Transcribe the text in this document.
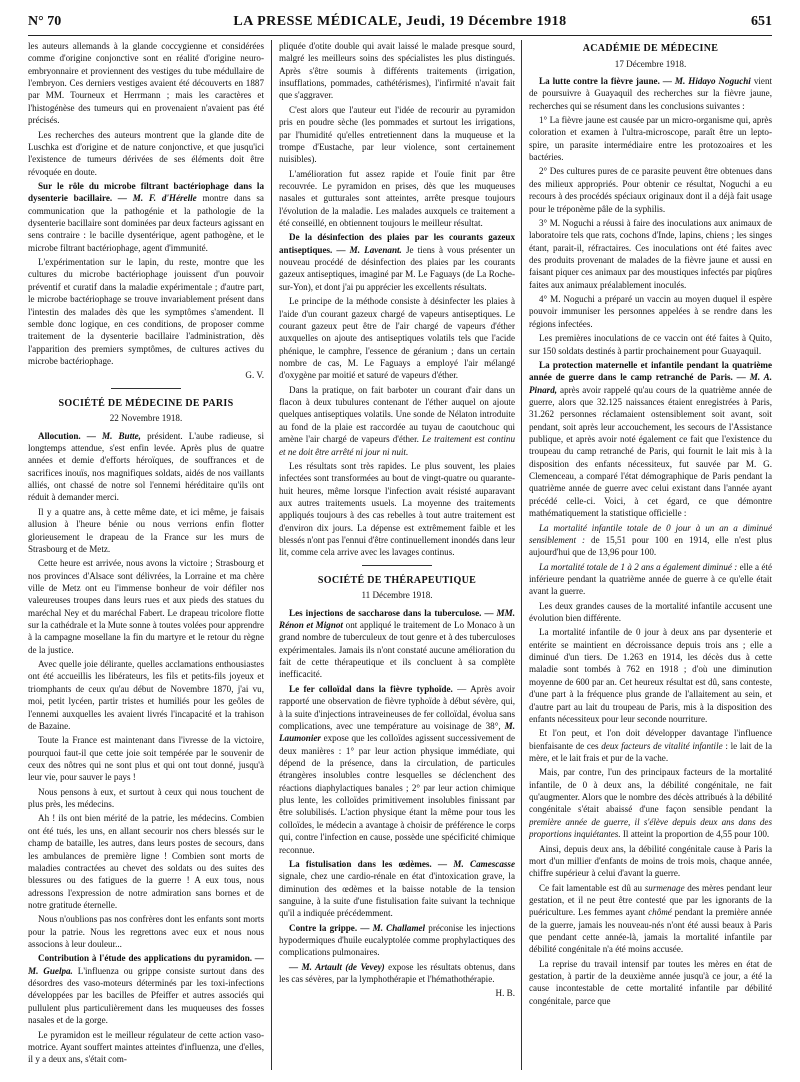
N° 70	LA PRESSE MÉDICALE, Jeudi, 19 Décembre 1918	651

les auteurs allemands à la glande coccygienne et considérées comme d'origine conjonctive sont en réalité d'origine neuro-embryonnaire et proviennent des vestiges du tube médullaire de l'embryon. Ces derniers vestiges avaient été découverts en 1887 par MM. Tourneux et Herrmann ; mais les caractères et l'histogénèse des tumeurs qui en provenaient n'avaient pas été précisés.

Les recherches des auteurs montrent que la glande dite de Luschka est d'origine et de nature conjonctive, et que jusqu'ici l'existence de tumeurs dérivées de ses éléments doit être révoquée en doute.

Sur le rôle du microbe filtrant bactériophage dans la dysenterie bacillaire. — M. F. d'Hérelle montre dans sa communication que la pathogénie et la pathologie de la dysenterie bacillaire sont dominées par deux facteurs agissant en sens contraire : le bacille dysentérique, agent pathogène, et le microbe filtrant bactériophage, agent d'immunité.

L'expérimentation sur le lapin, du reste, montre que les cultures du microbe bactériophage jouissent d'un pouvoir préventif et curatif dans la maladie expérimentale ; d'autre part, le microbe bactériophage se trouve invariablement présent dans l'intestin des malades dès que les symptômes s'amendent. Il semble donc logique, en ces conditions, de proposer comme traitement de la dysenterie bacillaire l'administration, dès l'apparition des premiers symptômes, de cultures actives du microbe bactériophage.

G. V.
SOCIÉTÉ DE MÉDECINE DE PARIS
22 Novembre 1918.

Allocution. — M. Butte, président. L'aube radieuse, si longtemps attendue, s'est enfin levée. Après plus de quatre années et demie d'efforts héroïques, de souffrances et de sacrifices inouïs, nos magnifiques soldats, aidés de nos vaillants alliés, ont chassé de notre sol l'ennemi héréditaire qu'ils ont réduit à demander merci.

Il y a quatre ans, à cette même date, et ici même, je faisais allusion à l'heure bénie ou nous verrions enfin flotter glorieusement le drapeau de la France sur les murs de Strasbourg et de Metz.

Cette heure est arrivée, nous avons la victoire ; Strasbourg et nos provinces d'Alsace sont délivrées, la Lorraine et ma chère ville de Metz ont eu l'immense bonheur de voir défiler nos valeureuses troupes dans leurs rues et aux pieds des statues du maréchal Ney et du maréchal Fabert. Le drapeau tricolore flotte sur la cathédrale et la Mute sonne à toutes volées pour apprendre à la campagne mosellane la fin du martyre et le retour du règne de la justice.

Avec quelle joie délirante, quelles acclamations enthousiastes ont été accueillis les libérateurs, les fils et petits-fils joyeux et triomphants de ceux qu'au début de Novembre 1870, j'ai vu, moi, petit lycéen, partir tristes et humiliés pour les geôles de l'ennemi auxquelles les avaient livrés l'incapacité et la trahison de Bazaine.

Toute la France est maintenant dans l'ivresse de la victoire, pourquoi faut-il que cette joie soit tempérée par le souvenir de ceux des nôtres qui ne sont plus et qui ont tout donné, jusqu'à leur vie, pour sauver le pays !

Nous pensons à eux, et surtout à ceux qui nous touchent de plus près, les médecins.

Ah ! ils ont bien mérité de la patrie, les médecins. Combien ont été tués, les uns, en allant secourir nos chers blessés sur le champ de bataille, les autres, dans leurs postes de secours, dans les ambulances de première ligne ! Combien sont morts de maladies contractées au chevet des soldats ou des suites des blessures ou des fatigues de la guerre ! A eux tous, nous adressons l'expression de notre admiration sans bornes et de notre gratitude éternelle.

Nous n'oublions pas nos confrères dont les enfants sont morts pour la patrie. Nous les regrettons avec eux et nous nous associons à leur douleur...

Contribution à l'étude des applications du pyramidon. — M. Guelpa. L'influenza ou grippe consiste surtout dans des désordres des vaso-moteurs déterminés par les toxi-infections développées par les bacilles de Pfeiffer et autres associés qui pullulent plus particulièrement dans les muqueuses des fosses nasales et de la gorge.

Le pyramidon est le meilleur régulateur de cette action vaso-motrice. Ayant souffert maintes atteintes d'influenza, une d'elles, il y a deux ans, s'était com-

pliquée d'otite double qui avait laissé le malade presque sourd, malgré les meilleurs soins des spécialistes les plus distingués. Après s'être soumis à différents traitements (irrigation, insufflations, pommades, cathétérismes), l'infirmité n'avait fait que s'aggraver.

C'est alors que l'auteur eut l'idée de recourir au pyramidon pris en poudre sèche (les pommades et surtout les irrigations, par l'humidité qu'elles entretiennent dans la muqueuse et la trompe d'Eustache, par leur violence, sont certainement nuisibles).

L'amélioration fut assez rapide et l'ouïe finit par être recouvrée. Le pyramidon en prises, dès que les muqueuses nasales et gutturales sont atteintes, arrête presque toujours l'évolution de la maladie. Les malades auxquels ce traitement a été conseillé, en obtiennent toujours le meilleur résultat.

De la désinfection des plaies par les courants gazeux antiseptiques. — M. Lavenant. Je tiens à vous présenter un nouveau procédé de désinfection des plaies par les courants gazeux antiseptiques, imaginé par M. Le Faguays (de La Roche-sur-Yon), et dont j'ai pu apprécier les excellents résultats.

Le principe de la méthode consiste à désinfecter les plaies à l'aide d'un courant gazeux chargé de vapeurs antiseptiques. Le courant gazeux peut être de l'air chargé de vapeurs d'éther auxquelles on ajoute des antiseptiques volatils tels que l'acide phénique, le camphre, l'essence de géranium ; dans un certain nombre de cas, M. Le Faguays a employé l'air mélangé d'oxygène par moitié et saturé de vapeurs d'éther.

Dans la pratique, on fait barboter un courant d'air dans un flacon à deux tubulures contenant de l'éther auquel on ajoute quelques antiseptiques volatils. Une sonde de Nélaton introduite au fond de la plaie est raccordée au tuyau de caoutchouc qui amène l'air chargé de vapeurs d'éther. Le traitement est continu et ne doit être arrêté ni jour ni nuit.

Les résultats sont très rapides. Le plus souvent, les plaies infectées sont transformées au bout de vingt-quatre ou quarante-huit heures, même lorsque l'infection avait résisté auparavant aux autres traitements usuels. La moyenne des traitements appliqués toujours à des cas rebelles à tout autre traitement est d'environ dix jours. La dépense est extrêmement faible et les blessés n'ont pas l'ennui d'être continuellement inondés dans leur lit, comme cela arrive avec les lavages continus.

SOCIÉTÉ DE THÉRAPEUTIQUE
11 Décembre 1918.

Les injections de saccharose dans la tuberculose. — MM. Rénon et Mignot ont appliqué le traitement de Lo Monaco à un grand nombre de tuberculeux de tout genre et à des tuberculoses expérimentales. Jamais ils n'ont constaté aucune amélioration du fait de cette thérapeutique et ils concluent à sa complète inefficacité.

Le fer colloïdal dans la fièvre typhoïde. — Après avoir rapporté une observation de fièvre typhoïde à début sévère, qui, à la suite d'injections intraveineuses de fer colloïdal, évolua sans complications, avec une température au voisinage de 38°, M. Laumonier expose que les colloïdes agissent successivement de deux manières : 1° par leur action physique immédiate, qui dépend de la présence, dans la circulation, de particules étrangères insolubles contre lesquelles se déclenchent des réactions diaphylactiques banales ; 2° par leur action chimique plus lente, les colloïdes primitivement insolubles finissant par être solubilisés. L'action physique étant la même pour tous les colloïdes, le médecin a avantage à choisir de préférence le corps qui, contre l'infection en cause, possède une spécificité chimique reconnue.

La fistulisation dans les œdèmes. — M. Camescasse signale, chez une cardio-rénale en état d'intoxication grave, la diminution des œdèmes et la baisse notable de la tension sanguine, à la suite d'une fistulisation faite suivant la technique qu'il a indiquée précédemment.

Contre la grippe. — M. Challamel préconise les injections hypodermiques d'huile eucalyptolée comme prophylactiques des complications pulmonaires.

— M. Artault (de Vevey) expose les résultats obtenus, dans les cas sévères, par la lymphothérapie et l'hémathothérapie.

H. B.
ACADÉMIE DE MÉDECINE
17 Décembre 1918.

La lutte contre la fièvre jaune. — M. Hidayo Noguchi vient de poursuivre à Guayaquil des recherches sur la fièvre jaune, recherches qui se résument dans les conclusions suivantes :

1° La fièvre jaune est causée par un micro-organisme qui, après coloration et examen à l'ultra-microscope, paraît être un lepto-spire, un parasite intermédiaire entre les protozoaires et les bactéries.

2° Des cultures pures de ce parasite peuvent être obtenues dans des milieux appropriés. Pour obtenir ce résultat, Noguchi a eu recours à des procédés spéciaux originaux dont il a déjà fait usage pour le tréponème pâle de la syphilis.

3° M. Noguchi a réussi à faire des inoculations aux animaux de laboratoire tels que rats, cochons d'Inde, lapins, chiens ; les singes étant, parait-il, réfractaires. Ces inoculations ont été faites avec des produits provenant de malades de la fièvre jaune et aussi en faisant piquer ces animaux par des moustiques infectés par piqûres faites aux animaux préalablement inoculés.

4° M. Noguchi a préparé un vaccin au moyen duquel il espère pouvoir immuniser les personnes appelées à se rendre dans les régions infectées.

Les premières inoculations de ce vaccin ont été faites à Quito, sur 150 soldats destinés à partir prochainement pour Guayaquil.

La protection maternelle et infantile pendant la quatrième année de guerre dans le camp retranché de Paris. — M. A. Pinard, après avoir rappelé qu'au cours de la quatrième année de guerre, alors que 32.125 naissances étaient enregistrées à Paris, 31.262 personnes réclamaient ostensiblement soit avant, soit pendant, soit après leur accouchement, les secours de l'Assistance publique, et après avoir noté également ce fait que l'existence du troupeau du camp retranché de Paris, qui fournit le lait mis à la disposition des enfants nécessiteux, fut sauvée par M. G. Clemenceau, a comparé l'état démographique de Paris pendant la quatrième année de guerre avec celui existant dans l'année ayant précédé celle-ci. Voici, à cet égard, ce que démontre mathématiquement la statistique officielle :

La mortalité infantile totale de 0 jour à un an a diminué sensiblement : de 15,51 pour 100 en 1914, elle n'est plus aujourd'hui que de 13,96 pour 100.

La mortalité totale de 1 à 2 ans a également diminué : elle a été inférieure pendant la quatrième année de guerre à ce qu'elle était avant la guerre.

Les deux grandes causes de la mortalité infantile accusent une évolution bien différente.

La mortalité infantile de 0 jour à deux ans par dysenterie et entérite se maintient en décroissance depuis trois ans ; elle a diminué d'un tiers. De 1.263 en 1914, les décès dus à cette maladie sont tombés à 762 en 1918 ; d'où une diminution moyenne de 600 par an. Cet heureux résultat est dû, sans conteste, d'une part à la fréquence plus grande de l'allaitement au sein, et d'autre part au lait du troupeau de Paris, mis à la disposition des enfants nécessiteux pour leur seconde nourriture.

Et l'on peut, et l'on doit développer davantage l'influence bienfaisante de ces deux facteurs de vitalité infantile : le lait de la mère, et le lait frais et pur de la vache.

Mais, par contre, l'un des principaux facteurs de la mortalité infantile, de 0 à deux ans, la débilité congénitale, ne fait qu'augmenter. Alors que le nombre des décès attribués à la débilité congénitale s'était abaissé d'une façon sensible pendant la première année de guerre, il s'élève depuis deux ans dans des proportions inquiétantes. Il atteint la proportion de 4,55 pour 100.

Ainsi, depuis deux ans, la débilité congénitale cause à Paris la mort d'un millier d'enfants de moins de trois mois, chaque année, chiffre supérieur à celui d'avant la guerre.

Ce fait lamentable est dû au surmenage des mères pendant leur gestation, et il ne peut être contesté que par les ignorants de la puériculture. Les femmes ayant chômé pendant la première année de la guerre, jamais les nouveau-nés n'ont été aussi beaux à Paris que pendant cette année-là, jamais la mortalité infantile par débilité congénitale n'a été moins accusée.

La reprise du travail intensif par toutes les mères en état de gestation, à partir de la deuxième année jusqu'à ce jour, a été la cause incontestable de cette mortalité infantile par débilité congénitale, parce que
